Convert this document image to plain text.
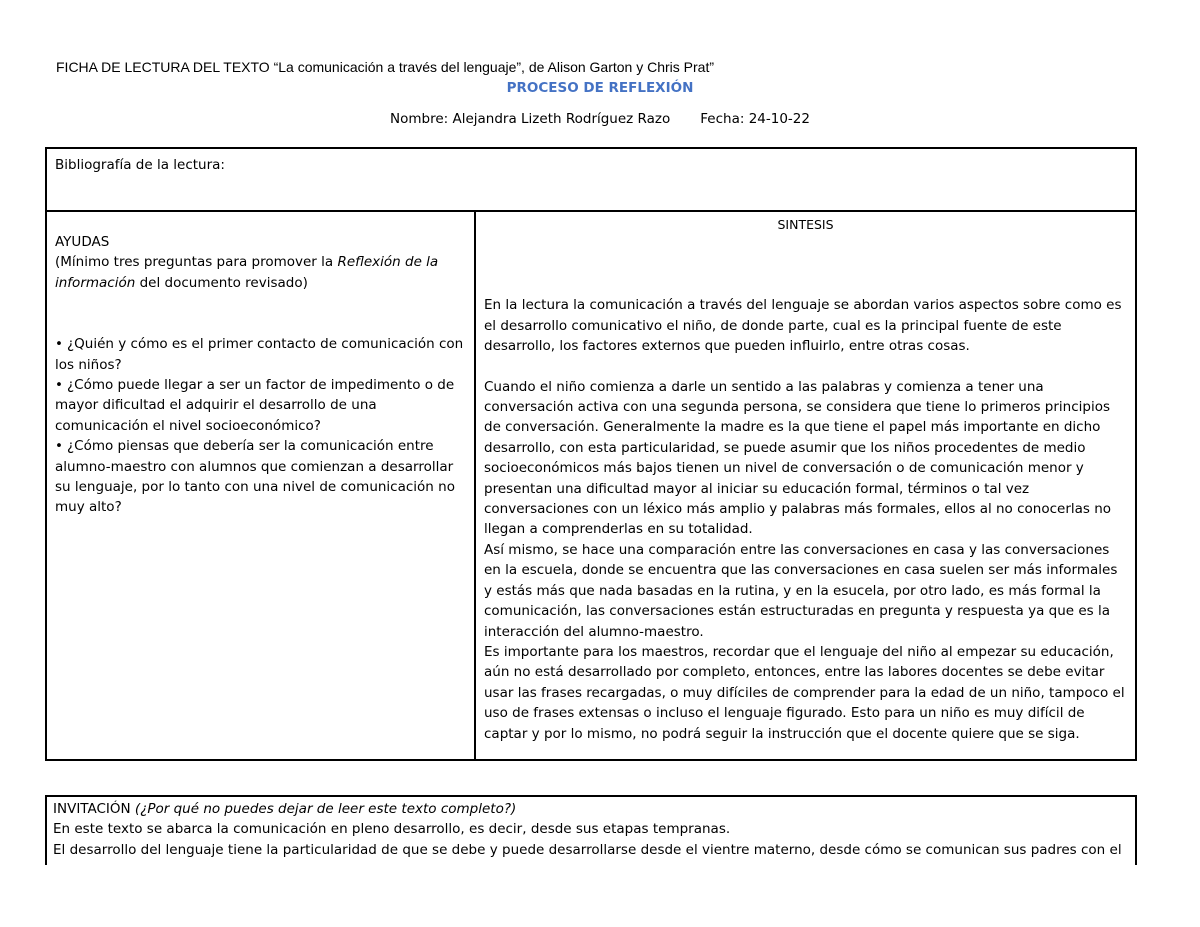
FICHA DE LECTURA DEL TEXTO “La comunicación a través del lenguaje”, de Alison Garton y Chris Prat”
PROCESO DE REFLEXIÓN
Nombre: Alejandra Lizeth Rodríguez Razo Fecha: 24-10-22
Bibliografía de la lectura:

AYUDAS

(Mínimo tres preguntas para promover la Reflexión de la información del documento revisado)

• ¿Quién y cómo es el primer contacto de comunicación con los niños?

• ¿Cómo puede llegar a ser un factor de impedimento o de mayor dificultad el adquirir el desarrollo de una comunicación el nivel socioeconómico?

• ¿Cómo piensas que debería ser la comunicación entre alumno-maestro con alumnos que comienzan a desarrollar su lenguaje, por lo tanto con una nivel de comunicación no muy alto?

SINTESIS

En la lectura la comunicación a través del lenguaje se abordan varios aspectos sobre como es el desarrollo comunicativo el niño, de donde parte, cual es la principal fuente de este desarrollo, los factores externos que pueden influirlo, entre otras cosas.

Cuando el niño comienza a darle un sentido a las palabras y comienza a tener una conversación activa con una segunda persona, se considera que tiene lo primeros principios de conversación. Generalmente la madre es la que tiene el papel más importante en dicho desarrollo, con esta particularidad, se puede asumir que los niños procedentes de medio socioeconómicos más bajos tienen un nivel de conversación o de comunicación menor y presentan una dificultad mayor al iniciar su educación formal, términos o tal vez conversaciones con un léxico más amplio y palabras más formales, ellos al no conocerlas no llegan a comprenderlas en su totalidad.

Así mismo, se hace una comparación entre las conversaciones en casa y las conversaciones en la escuela, donde se encuentra que las conversaciones en casa suelen ser más informales y estás más que nada basadas en la rutina, y en la esucela, por otro lado, es más formal la comunicación, las conversaciones están estructuradas en pregunta y respuesta ya que es la interacción del alumno-maestro.

Es importante para los maestros, recordar que el lenguaje del niño al empezar su educación, aún no está desarrollado por completo, entonces, entre las labores docentes se debe evitar usar las frases recargadas, o muy difíciles de comprender para la edad de un niño, tampoco el uso de frases extensas o incluso el lenguaje figurado. Esto para un niño es muy difícil de captar y por lo mismo, no podrá seguir la instrucción que el docente quiere que se siga.

INVITACIÓN (¿Por qué no puedes dejar de leer este texto completo?)

En este texto se abarca la comunicación en pleno desarrollo, es decir, desde sus etapas tempranas.

El desarrollo del lenguaje tiene la particularidad de que se debe y puede desarrollarse desde el vientre materno, desde cómo se comunican sus padres con el
